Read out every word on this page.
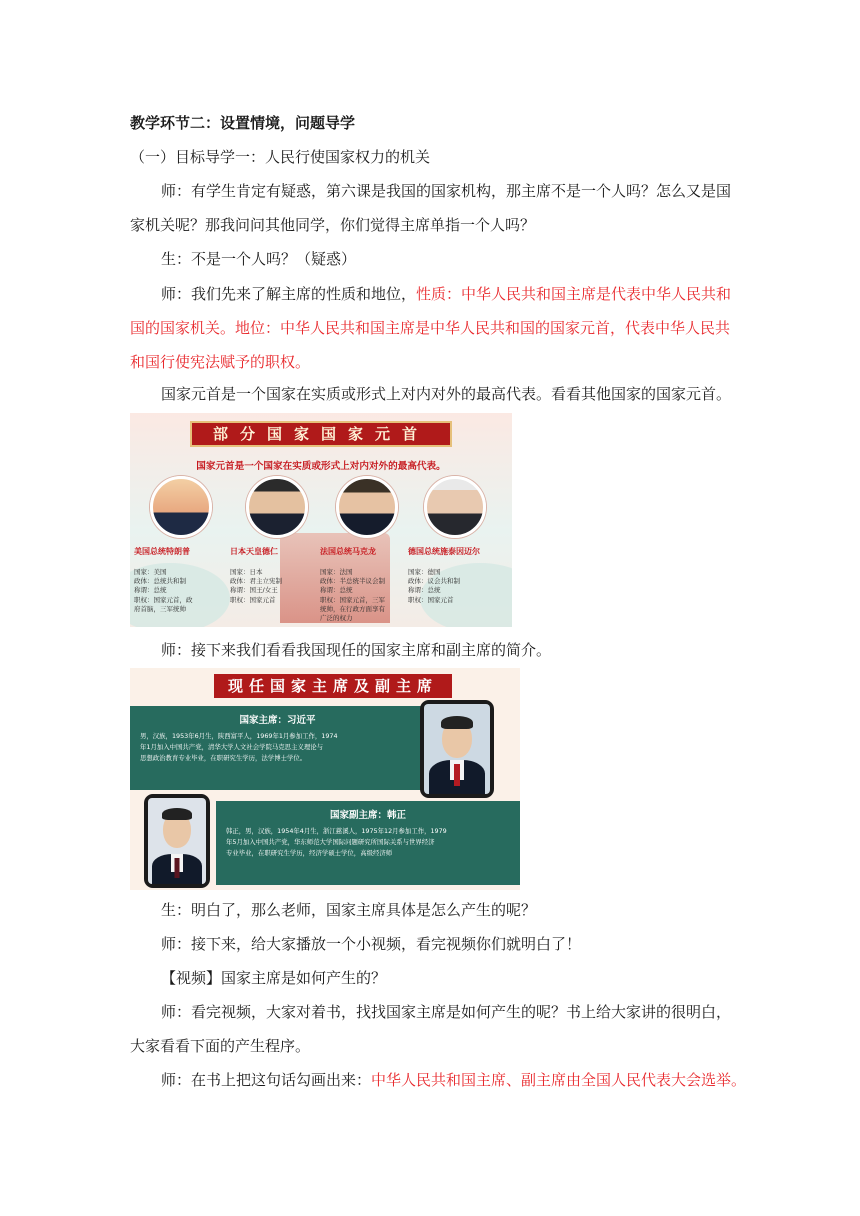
教学环节二：设置情境，问题导学
（一）目标导学一：人民行使国家权力的机关
师：有学生肯定有疑惑，第六课是我国的国家机构，那主席不是一个人吗？怎么又是国
家机关呢？那我问问其他同学，你们觉得主席单指一个人吗？
生：不是一个人吗？（疑惑）
师：我们先来了解主席的性质和地位，性质：中华人民共和国主席是代表中华人民共和
国的国家机关。地位：中华人民共和国主席是中华人民共和国的国家元首，代表中华人民共
和国行使宪法赋予的职权。
国家元首是一个国家在实质或形式上对内对外的最高代表。看看其他国家的国家元首。
部分国家国家元首
国家元首是一个国家在实质或形式上对内对外的最高代表。
美国总统特朗普
国家：美国
政体：总统共和制
称谓：总统
职权：国家元首，政
府首脑，三军统帅
日本天皇德仁
国家：日本
政体：君主立宪制
称谓：国王/女王
职权：国家元首
法国总统马克龙
国家：法国
政体：半总统半议会制
称谓：总统
职权：国家元首，三军
统帅，在行政方面享有
广泛的权力
德国总统施泰因迈尔
国家：德国
政体：议会共和制
称谓：总统
职权：国家元首
师：接下来我们看看我国现任的国家主席和副主席的简介。
现任国家主席及副主席
国家主席：习近平
男，汉族，1953年6月生，陕西富平人，1969年1月参加工作，1974
年1月加入中国共产党，清华大学人文社会学院马克思主义理论与
思想政治教育专业毕业，在职研究生学历，法学博士学位。
国家副主席：韩正
韩正，男，汉族，1954年4月生，浙江慈溪人，1975年12月参加工作，1979
年5月加入中国共产党，华东师范大学国际问题研究所国际关系与世界经济
专业毕业，在职研究生学历，经济学硕士学位，高级经济师
生：明白了，那么老师，国家主席具体是怎么产生的呢？
师：接下来，给大家播放一个小视频，看完视频你们就明白了！
【视频】国家主席是如何产生的？
师：看完视频，大家对着书，找找国家主席是如何产生的呢？书上给大家讲的很明白，
大家看看下面的产生程序。
师：在书上把这句话勾画出来：中华人民共和国主席、副主席由全国人民代表大会选举。
